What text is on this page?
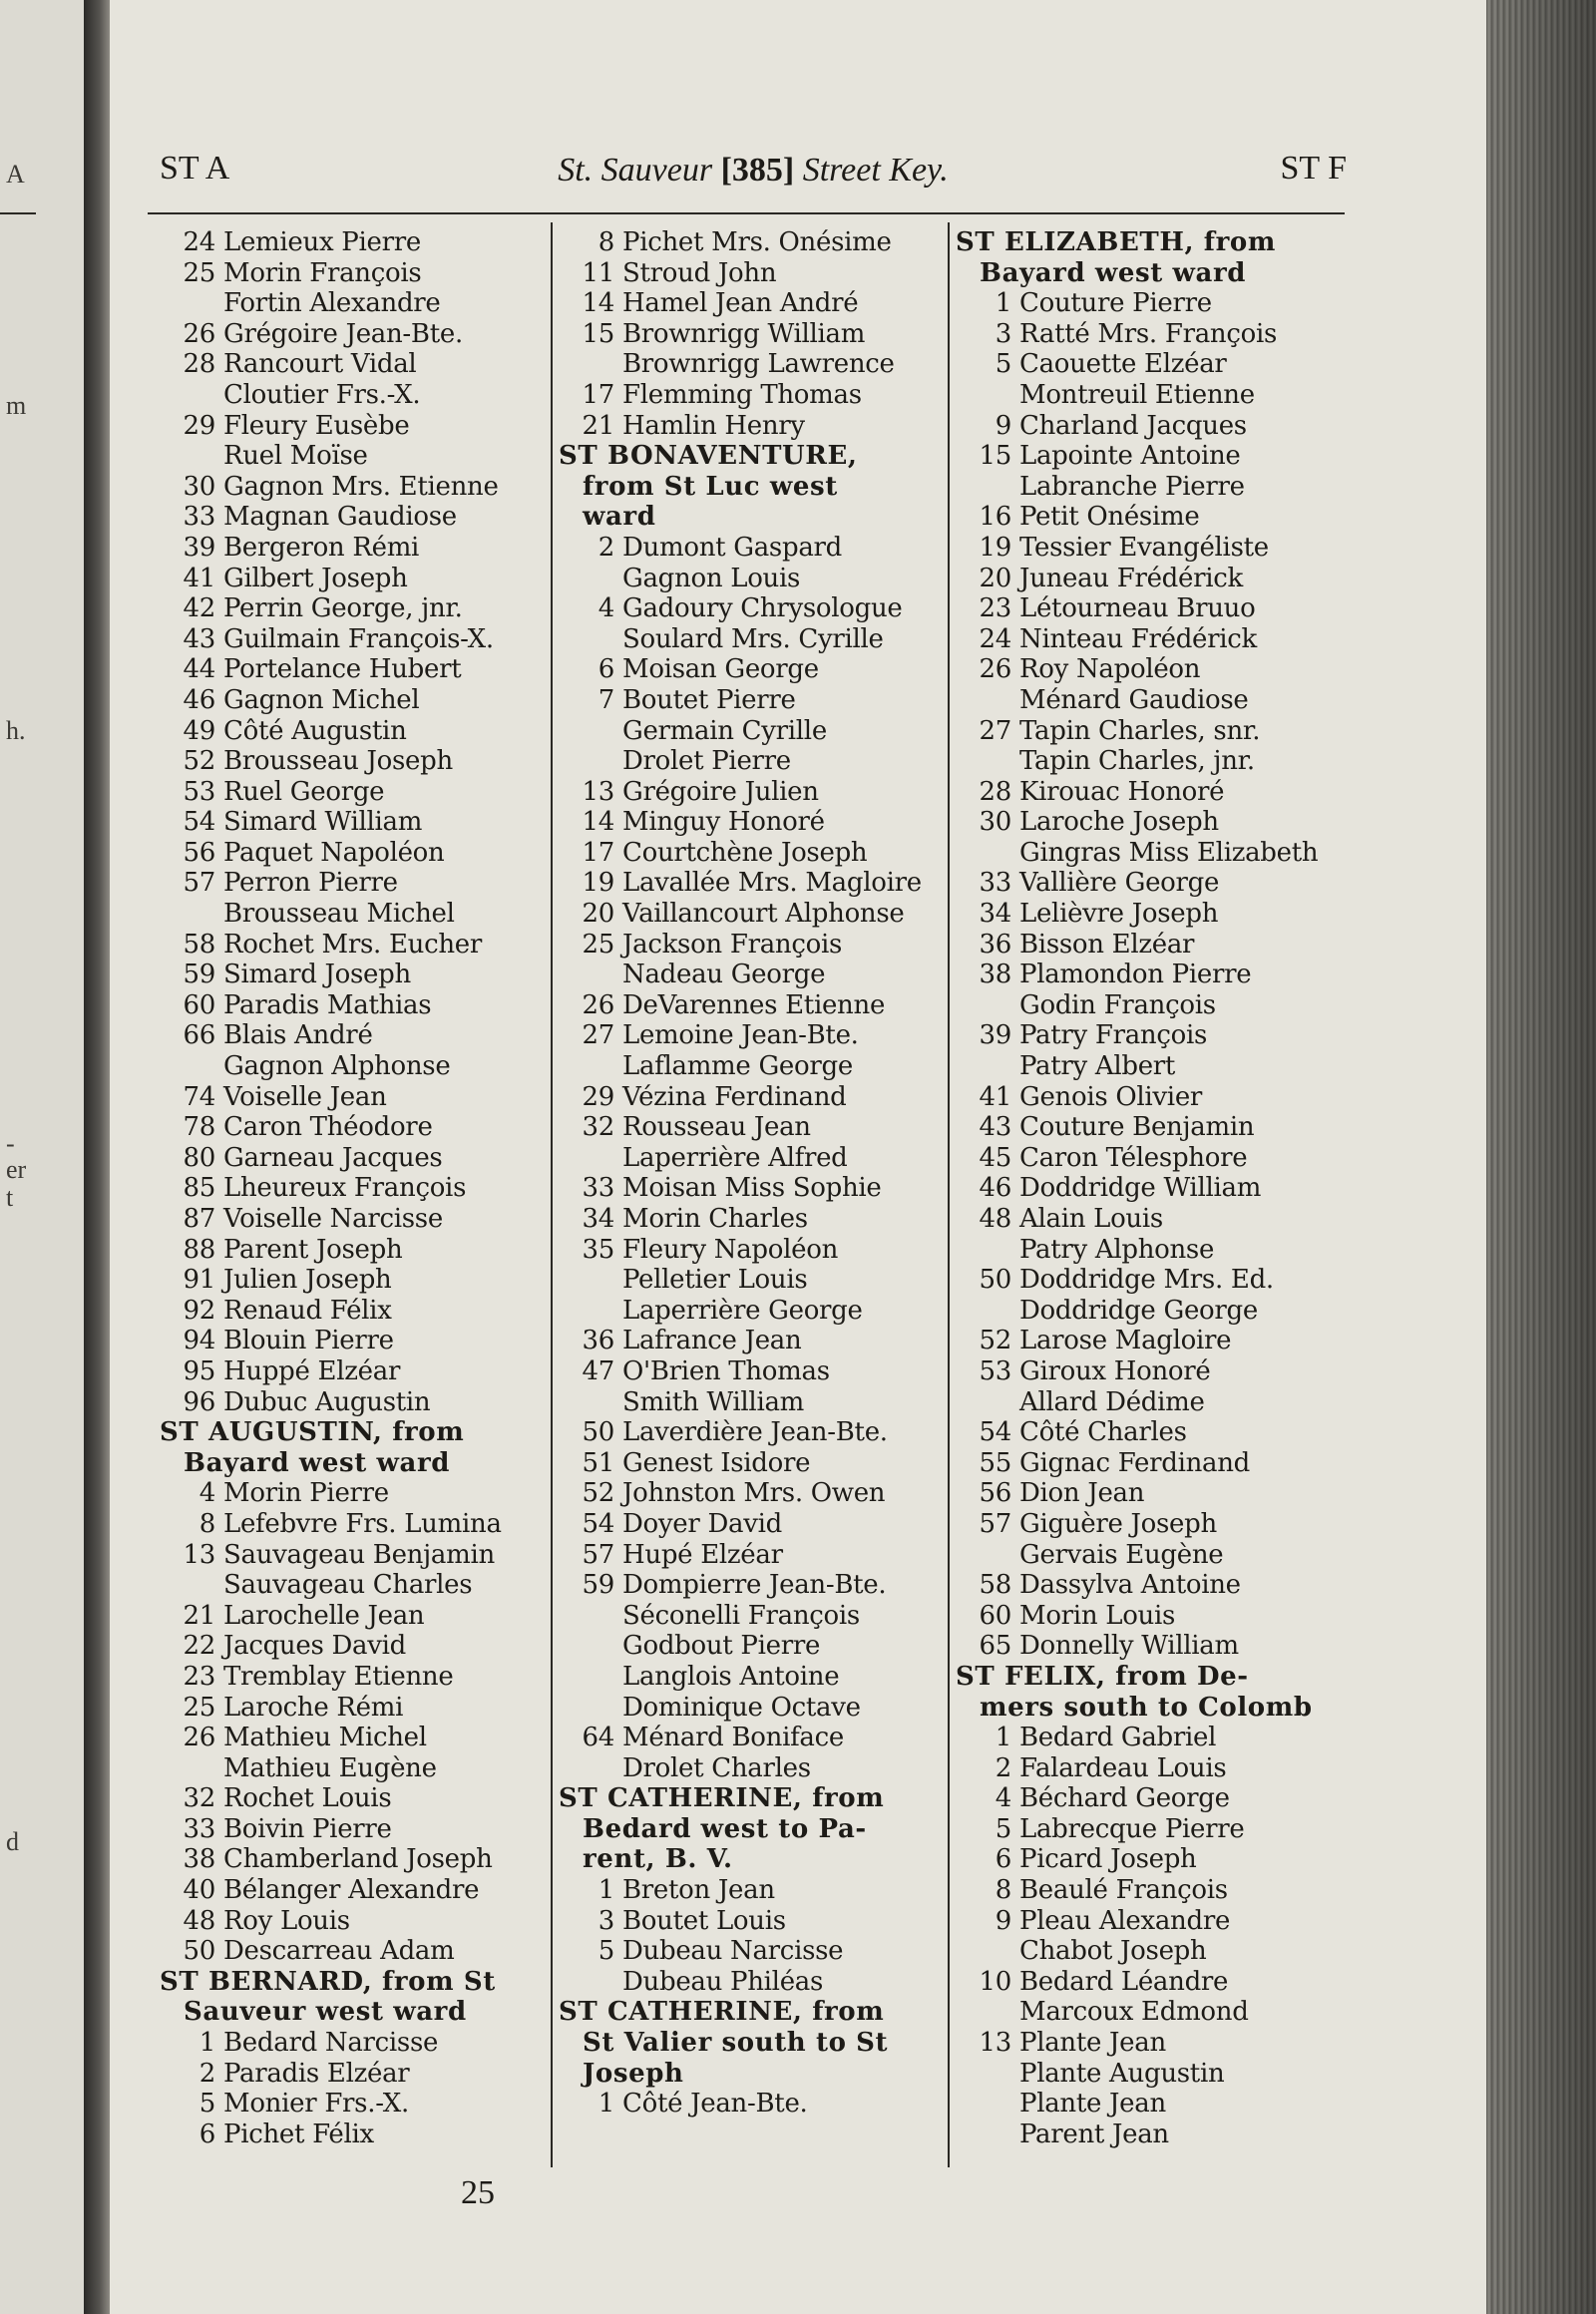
A
m
h.
-
er
t
d
ST A	St. Sauveur [385] Street Key.	ST F
24 Lemieux Pierre
25 Morin François
Fortin Alexandre
26 Grégoire Jean-Bte.
28 Rancourt Vidal
Cloutier Frs.-X.
29 Fleury Eusèbe
Ruel Moïse
30 Gagnon Mrs. Etienne
33 Magnan Gaudiose
39 Bergeron Rémi
41 Gilbert Joseph
42 Perrin George, jnr.
43 Guilmain François-X.
44 Portelance Hubert
46 Gagnon Michel
49 Côté Augustin
52 Brousseau Joseph
53 Ruel George
54 Simard William
56 Paquet Napoléon
57 Perron Pierre
Brousseau Michel
58 Rochet Mrs. Eucher
59 Simard Joseph
60 Paradis Mathias
66 Blais André
Gagnon Alphonse
74 Voiselle Jean
78 Caron Théodore
80 Garneau Jacques
85 Lheureux François
87 Voiselle Narcisse
88 Parent Joseph
91 Julien Joseph
92 Renaud Félix
94 Blouin Pierre
95 Huppé Elzéar
96 Dubuc Augustin
ST AUGUSTIN, from
Bayard west ward
4 Morin Pierre
8 Lefebvre Frs. Lumina
13 Sauvageau Benjamin
Sauvageau Charles
21 Larochelle Jean
22 Jacques David
23 Tremblay Etienne
25 Laroche Rémi
26 Mathieu Michel
Mathieu Eugène
32 Rochet Louis
33 Boivin Pierre
38 Chamberland Joseph
40 Bélanger Alexandre
48 Roy Louis
50 Descarreau Adam
ST BERNARD, from St
Sauveur west ward
1 Bedard Narcisse
2 Paradis Elzéar
5 Monier Frs.-X.
6 Pichet Félix
8 Pichet Mrs. Onésime
11 Stroud John
14 Hamel Jean André
15 Brownrigg William
Brownrigg Lawrence
17 Flemming Thomas
21 Hamlin Henry
ST BONAVENTURE,
from St Luc west
ward
2 Dumont Gaspard
Gagnon Louis
4 Gadoury Chrysologue
Soulard Mrs. Cyrille
6 Moisan George
7 Boutet Pierre
Germain Cyrille
Drolet Pierre
13 Grégoire Julien
14 Minguy Honoré
17 Courtchène Joseph
19 Lavallée Mrs. Magloire
20 Vaillancourt Alphonse
25 Jackson François
Nadeau George
26 DeVarennes Etienne
27 Lemoine Jean-Bte.
Laflamme George
29 Vézina Ferdinand
32 Rousseau Jean
Laperrière Alfred
33 Moisan Miss Sophie
34 Morin Charles
35 Fleury Napoléon
Pelletier Louis
Laperrière George
36 Lafrance Jean
47 O'Brien Thomas
Smith William
50 Laverdière Jean-Bte.
51 Genest Isidore
52 Johnston Mrs. Owen
54 Doyer David
57 Hupé Elzéar
59 Dompierre Jean-Bte.
Séconelli François
Godbout Pierre
Langlois Antoine
Dominique Octave
64 Ménard Boniface
Drolet Charles
ST CATHERINE, from
Bedard west to Pa-
rent, B. V.
1 Breton Jean
3 Boutet Louis
5 Dubeau Narcisse
Dubeau Philéas
ST CATHERINE, from
St Valier south to St
Joseph
1 Côté Jean-Bte.
ST ELIZABETH, from
Bayard west ward
1 Couture Pierre
3 Ratté Mrs. François
5 Caouette Elzéar
Montreuil Etienne
9 Charland Jacques
15 Lapointe Antoine
Labranche Pierre
16 Petit Onésime
19 Tessier Evangéliste
20 Juneau Frédérick
23 Létourneau Bruuo
24 Ninteau Frédérick
26 Roy Napoléon
Ménard Gaudiose
27 Tapin Charles, snr.
Tapin Charles, jnr.
28 Kirouac Honoré
30 Laroche Joseph
Gingras Miss Elizabeth
33 Vallière George
34 Lelièvre Joseph
36 Bisson Elzéar
38 Plamondon Pierre
Godin François
39 Patry François
Patry Albert
41 Genois Olivier
43 Couture Benjamin
45 Caron Télesphore
46 Doddridge William
48 Alain Louis
Patry Alphonse
50 Doddridge Mrs. Ed.
Doddridge George
52 Larose Magloire
53 Giroux Honoré
Allard Dédime
54 Côté Charles
55 Gignac Ferdinand
56 Dion Jean
57 Giguère Joseph
Gervais Eugène
58 Dassylva Antoine
60 Morin Louis
65 Donnelly William
ST FELIX, from De-
mers south to Colomb
1 Bedard Gabriel
2 Falardeau Louis
4 Béchard George
5 Labrecque Pierre
6 Picard Joseph
8 Beaulé François
9 Pleau Alexandre
Chabot Joseph
10 Bedard Léandre
Marcoux Edmond
13 Plante Jean
Plante Augustin
Plante Jean
Parent Jean
25
